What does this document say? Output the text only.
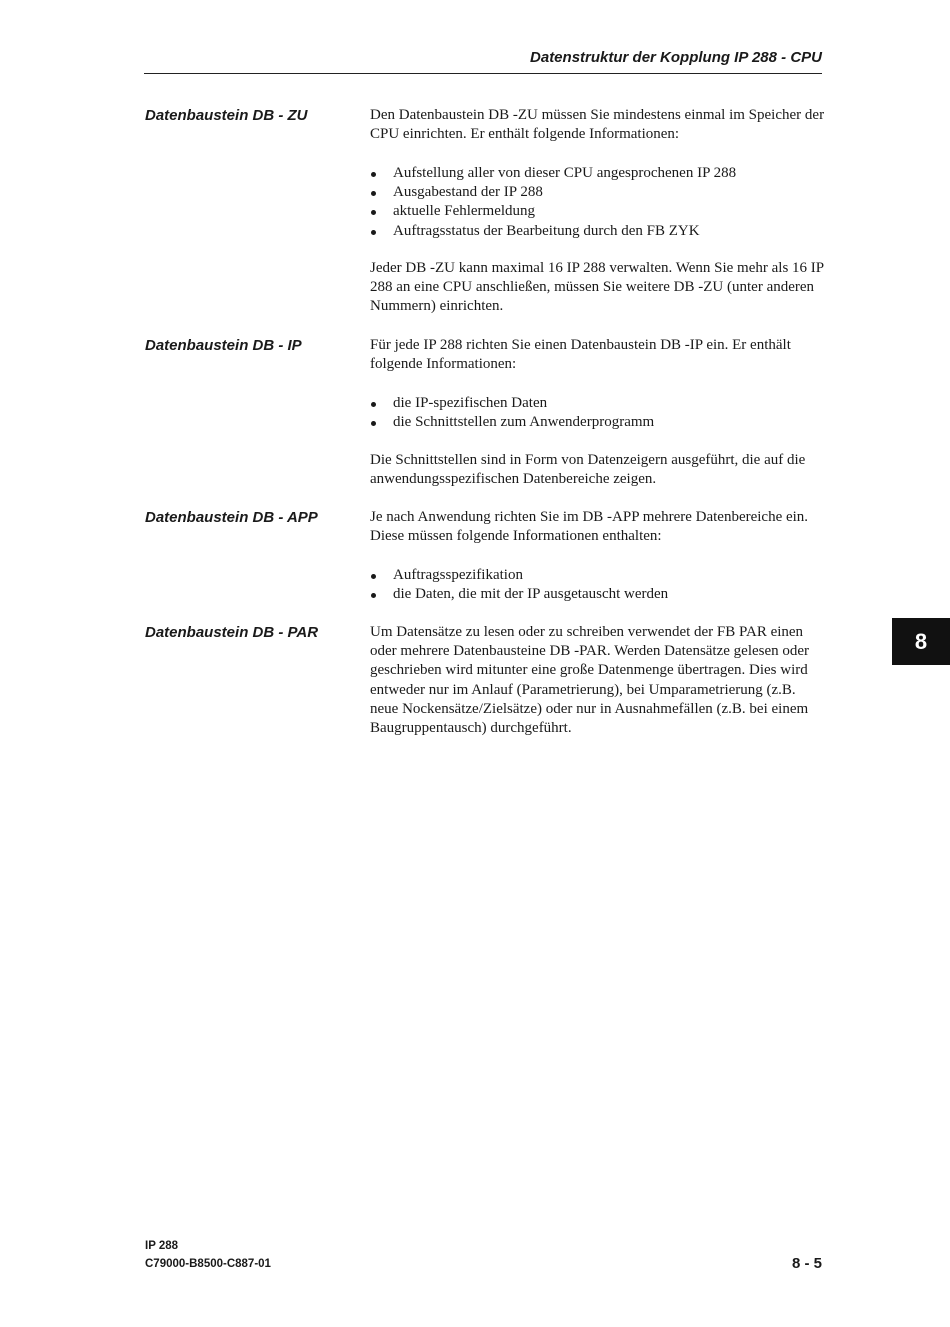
Datenstruktur der Kopplung IP 288 - CPU
Datenbaustein DB - ZU	Den Datenbaustein DB -ZU müssen Sie mindestens einmal im Speicher der CPU einrichten. Er enthält folgende Informationen:

Aufstellung aller von dieser CPU angesprochenen IP 288
Ausgabestand der IP 288
aktuelle Fehlermeldung
Auftragsstatus der Bearbeitung durch den FB ZYK

Jeder DB -ZU kann maximal 16 IP 288 verwalten. Wenn Sie mehr als 16 IP 288 an eine CPU anschließen, müssen Sie weitere DB -ZU (unter anderen Nummern) einrichten.

Datenbaustein DB - IP	Für jede IP 288 richten Sie einen Datenbaustein DB -IP ein. Er enthält folgende Informationen:

die IP-spezifischen Daten
die Schnittstellen zum Anwenderprogramm

Die Schnittstellen sind in Form von Datenzeigern ausgeführt, die auf die anwendungsspezifischen Datenbereiche zeigen.

Datenbaustein DB - APP	Je nach Anwendung richten Sie im DB -APP mehrere Datenbereiche ein. Diese müssen folgende Informationen enthalten:

Auftragsspezifikation
die Daten, die mit der IP ausgetauscht werden
Datenbaustein DB - PAR	Um Datensätze zu lesen oder zu schreiben verwendet der FB PAR einen oder mehrere Datenbausteine DB -PAR. Werden Datensätze gelesen oder geschrieben wird mitunter eine große Datenmenge übertragen. Dies wird entweder nur im Anlauf (Parametrierung), bei Umparametrierung (z.B. neue Nockensätze/Zielsätze) oder nur in Ausnahmefällen (z.B. bei einem Baugruppentausch) durchgeführt.

8
IP 288
C79000-B8500-C887-01	8 - 5
